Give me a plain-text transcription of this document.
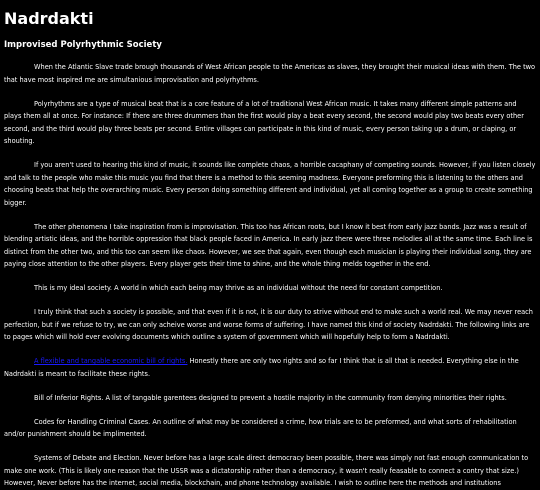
Nadrdakti
Improvised Polyrhythmic Society

When the Atlantic Slave trade brough thousands of West African people to the Americas as slaves, they brought their musical ideas with them. The two that have most inspired me are simultanious improvisation and polyrhythms.

Polyrhythms are a type of musical beat that is a core feature of a lot of traditional West African music. It takes many different simple patterns and plays them all at once. For instance: If there are three drummers than the first would play a beat every second, the second would play two beats every other second, and the third would play three beats per second. Entire villages can participate in this kind of music, every person taking up a drum, or claping, or shouting.

If you aren't used to hearing this kind of music, it sounds like complete chaos, a horrible cacaphany of competing sounds. However, if you listen closely and talk to the people who make this music you find that there is a method to this seeming madness. Everyone preforming this is listening to the others and choosing beats that help the overarching music. Every person doing something different and individual, yet all coming together as a group to create something bigger.

The other phenomena I take inspiration from is improvisation. This too has African roots, but I know it best from early jazz bands. Jazz was a result of blending artistic ideas, and the horrible oppression that black people faced in America. In early jazz there were three melodies all at the same time. Each line is distinct from the other two, and this too can seem like chaos. However, we see that again, even though each musician is playing their individual song, they are paying close attention to the other players. Every player gets their time to shine, and the whole thing melds together in the end.

This is my ideal society. A world in which each being may thrive as an individual without the need for constant competition.

I truly think that such a society is possible, and that even if it is not, it is our duty to strive without end to make such a world real. We may never reach perfection, but if we refuse to try, we can only acheive worse and worse forms of suffering. I have named this kind of society Nadrdakti. The following links are to pages which will hold ever evolving documents which outline a system of government which will hopefully help to form a Nadrdakti.

A flexible and tangable economic bill of rights. Honestly there are only two rights and so far I think that is all that is needed. Everything else in the Nadrdakti is meant to facilitate these rights.

Bill of Inferior Rights. A list of tangable garentees designed to prevent a hostile majority in the community from denying minorities their rights.

Codes for Handling Criminal Cases. An outline of what may be considered a crime, how trials are to be preformed, and what sorts of rehabilitation and/or punishment should be implimented.

Systems of Debate and Election. Never before has a large scale direct democracy been possible, there was simply not fast enough communication to make one work. (This is likely one reason that the USSR was a dictatorship rather than a democracy, it wasn't really feasable to connect a contry that size.) However, Never before has the internet, social media, blockchain, and phone technology available. I wish to outline here the methods and institutions
